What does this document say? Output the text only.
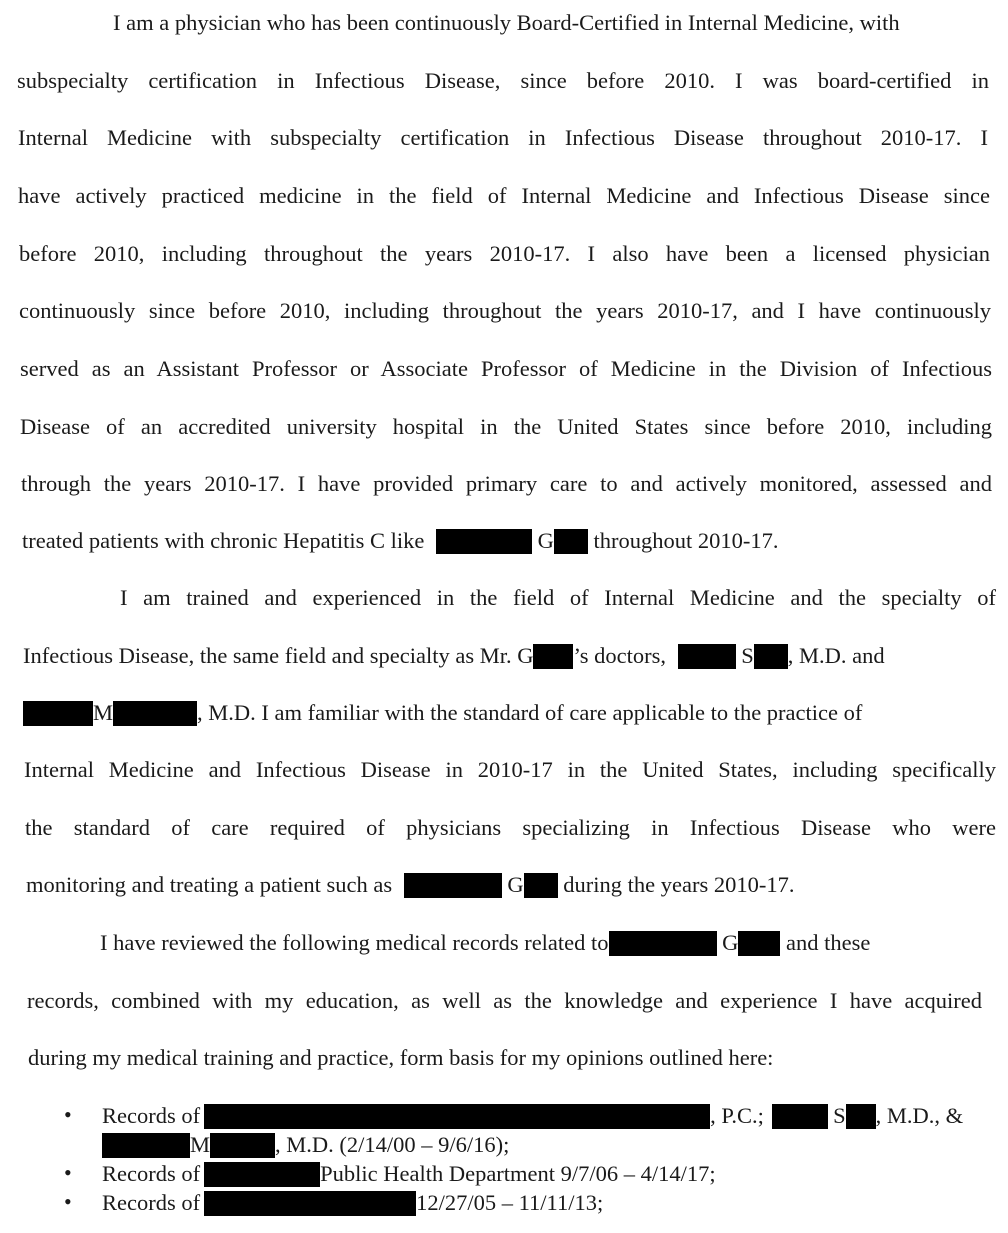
I am a physician who has been continuously Board-Certified in Internal Medicine, with
subspecialty certification in Infectious Disease, since before 2010. I was board-certified in
Internal Medicine with subspecialty certification in Infectious Disease throughout 2010-17. I
have actively practiced medicine in the field of Internal Medicine and Infectious Disease since
before 2010, including throughout the years 2010-17. I also have been a licensed physician
continuously since before 2010, including throughout the years 2010-17, and I have continuously
served as an Assistant Professor or Associate Professor of Medicine in the Division of Infectious
Disease of an accredited university hospital in the United States since before 2010, including
through the years 2010-17. I have provided primary care to and actively monitored, assessed and
treated patients with chronic Hepatitis C like	G throughout 2010-17.
I am trained and experienced in the field of Internal Medicine and the specialty of
Infectious Disease, the same field and specialty as Mr. G ’s doctors,	S , M.D. and
M	, M.D. I am familiar with the standard of care applicable to the practice of
Internal Medicine and Infectious Disease in 2010-17 in the United States, including specifically
the standard of care required of physicians specializing in Infectious Disease who were
monitoring and treating a patient such as	G during the years 2010-17.
I have reviewed the following medical records related to	G and these
records, combined with my education, as well as the knowledge and experience I have acquired
during my medical training and practice, form basis for my opinions outlined here:
• Records of	, P.C.;	S , M.D., &
M	, M.D. (2/14/00 – 9/6/16);
• Records of	Public Health Department 9/7/06 – 4/14/17;
• Records of	12/27/05 – 11/11/13;
